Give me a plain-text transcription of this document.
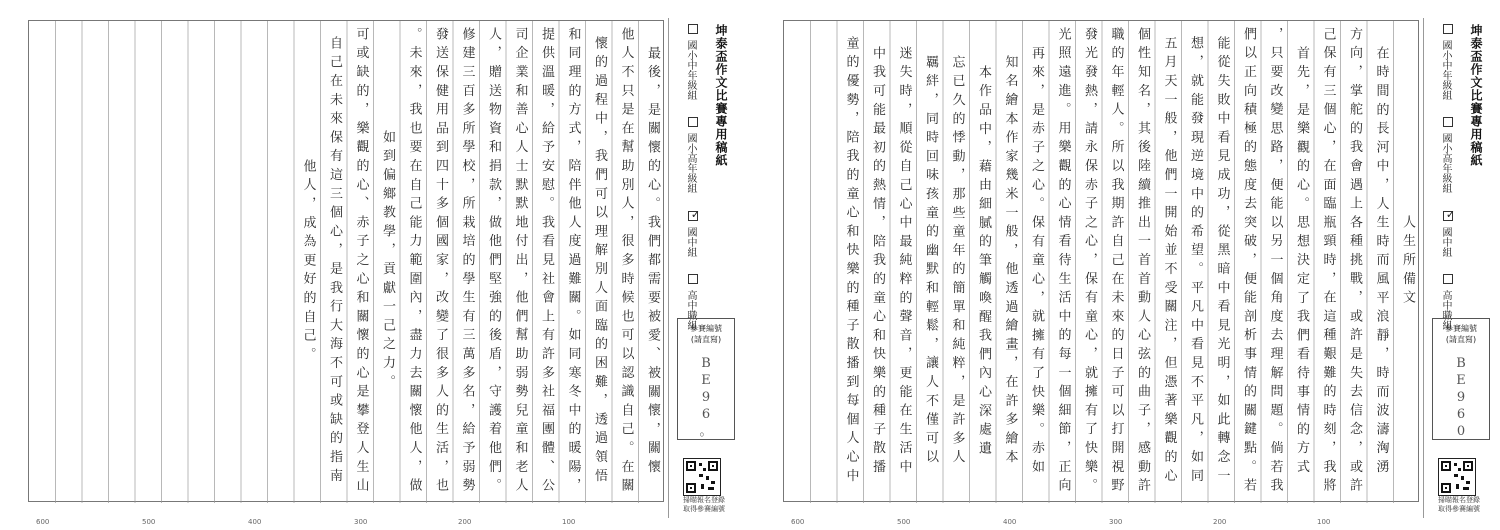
最後，是關懷的心。我們都需要被愛、被關懷，關懷
他人不只是在幫助別人，很多時候也可以認識自己。在關
懷的過程中，我們可以理解別人面臨的困難，透過領悟
和同理的方式，陪伴他人度過難關。如同寒冬中的暖陽，
提供溫暖，給予安慰。我看見社會上有許多社福團體、公
司企業和善心人士默默地付出，他們幫助弱勢兒童和老人
人，贈送物資和捐款，做他們堅強的後盾，守護着他們。
修建三百多所學校，所栽培的學生有三萬多名，給予弱勢
發送保健用品到四十多個國家，改變了很多人的生活，也
。未來，我也要在自己能力範圍內，盡力去關懷他人，做
如到偏鄉教學，貢獻一己之力。
可或缺的，樂觀的心、赤子之心和關懷的心是攀登人生山
自己在未來保有這三個心，是我行大海不可或缺的指南
他人，成為更好的自己。
坤泰盃作文比賽專用稿紙
國小中年級組  國小高年級組
✓
國中組  高中職組
參賽編號
(請直寫)
B
E
9
6
。
掃瞄報名登錄
取得參賽編號
600	500	400	300	200	100
人生所備文
在時間的長河中，人生時而風平浪靜，時而波濤洶湧
方向，掌舵的我會遇上各種挑戰，或許是失去信念，或許
己保有三個心，在面臨瓶頸時，在這種艱難的時刻，我將
首先，是樂觀的心。思想決定了我們看待事情的方式
，只要改變思路，便能以另一個角度去理解問題。倘若我
們以正向積極的態度去突破，便能剖析事情的關鍵點。若
能從失敗中看見成功，從黑暗中看見光明，如此轉念一
想，就能發現逆境中的希望。平凡中看見不平凡，如同
五月天一般，他們一開始並不受關注，但憑著樂觀的心
個性知名，其後陸續推出一首首動人心弦的曲子，感動許
職的年輕人。所以我期許自己在未來的日子可以打開視野
發光發熱，請永保赤子之心，保有童心，就擁有了快樂。
光照遠進。用樂觀的心情看待生活中的每一個細節，正向
再來，是赤子之心。保有童心，就擁有了快樂。赤如
知名繪本作家幾米一般，他透過繪畫，在許多繪本
本作品中，藉由細膩的筆觸喚醒我們內心深處遺
忘已久的悸動，那些童年的簡單和純粹，是許多人
羈絆，同時回味孩童的幽默和輕鬆，讓人不僅可以
迷失時，順從自己心中最純粹的聲音，更能在生活中
中我可能最初的熱情，陪我的童心和快樂的種子散播
童的優勢，陪我的童心和快樂的種子散播到每個人心中	坤泰盃作文比賽專用稿紙
國小中年級組  國小高年級組
✓
國中組  高中職組
參賽編號
(請直寫)
B
E
9
6
0
掃瞄報名登錄
取得參賽編號
600	500	400	300	200	100
